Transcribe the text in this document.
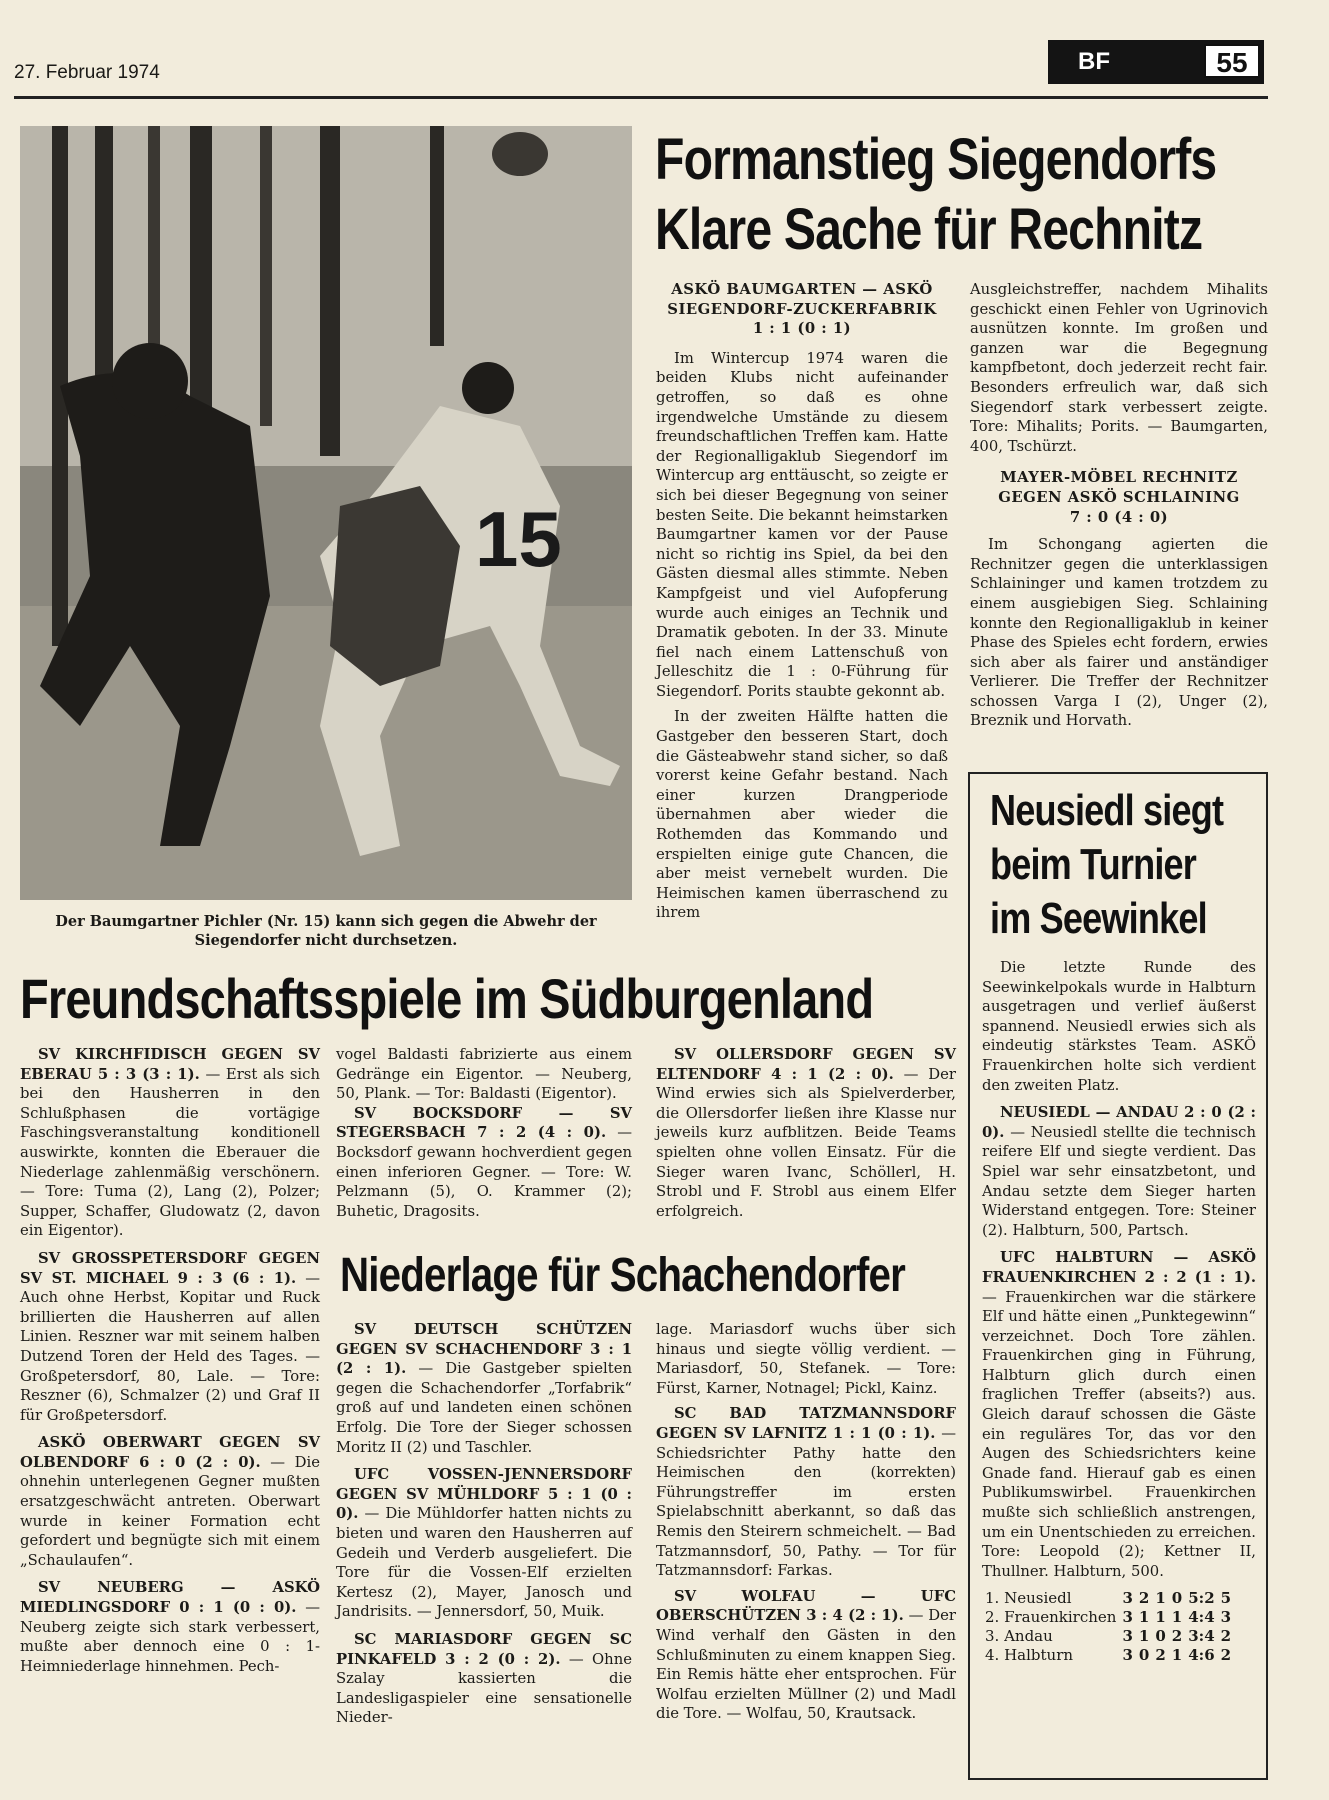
27. Februar 1974	BF	55
15
Der Baumgartner Pichler (Nr. 15) kann sich gegen die Abwehr der Siegendorfer nicht durchsetzen.
Formanstieg Siegendorfs
Klare Sache für Rechnitz

ASKÖ BAUMGARTEN — ASKÖ SIEGENDORF-ZUCKERFABRIK

1 : 1 (0 : 1)

Im Wintercup 1974 waren die beiden Klubs nicht aufeinander getroffen, so daß es ohne irgendwelche Umstände zu diesem freundschaftlichen Treffen kam. Hatte der Regionalligaklub Siegendorf im Wintercup arg enttäuscht, so zeigte er sich bei dieser Begegnung von seiner besten Seite. Die bekannt heimstarken Baumgartner kamen vor der Pause nicht so richtig ins Spiel, da bei den Gästen diesmal alles stimmte. Neben Kampfgeist und viel Aufopferung wurde auch einiges an Technik und Dramatik geboten. In der 33. Minute fiel nach einem Lattenschuß von Jelleschitz die 1 : 0-Führung für Siegendorf. Porits staubte gekonnt ab.

In der zweiten Hälfte hatten die Gastgeber den besseren Start, doch die Gästeabwehr stand sicher, so daß vorerst keine Gefahr bestand. Nach einer kurzen Drangperiode übernahmen aber wieder die Rothemden das Kommando und erspielten einige gute Chancen, die aber meist vernebelt wurden. Die Heimischen kamen überraschend zu ihrem

Ausgleichstreffer, nachdem Mihalits geschickt einen Fehler von Ugrinovich ausnützen konnte. Im großen und ganzen war die Begegnung kampfbetont, doch jederzeit recht fair. Besonders erfreulich war, daß sich Siegendorf stark verbessert zeigte. Tore: Mihalits; Porits. — Baumgarten, 400, Tschürzt.

MAYER-MÖBEL RECHNITZ GEGEN ASKÖ SCHLAINING

7 : 0 (4 : 0)

Im Schongang agierten die Rechnitzer gegen die unterklassigen Schlaininger und kamen trotzdem zu einem ausgiebigen Sieg. Schlaining konnte den Regionalligaklub in keiner Phase des Spieles echt fordern, erwies sich aber als fairer und anständiger Verlierer. Die Treffer der Rechnitzer schossen Varga I (2), Unger (2), Breznik und Horvath.

Neusiedl siegt
beim Turnier
im Seewinkel

Die letzte Runde des Seewinkelpokals wurde in Halbturn ausgetragen und verlief äußerst spannend. Neusiedl erwies sich als eindeutig stärkstes Team. ASKÖ Frauenkirchen holte sich verdient den zweiten Platz.

NEUSIEDL — ANDAU 2 : 0 (2 : 0). — Neusiedl stellte die technisch reifere Elf und siegte verdient. Das Spiel war sehr einsatzbetont, und Andau setzte dem Sieger harten Widerstand entgegen. Tore: Steiner (2). Halbturn, 500, Partsch.

UFC HALBTURN — ASKÖ FRAUENKIRCHEN 2 : 2 (1 : 1). — Frauenkirchen war die stärkere Elf und hätte einen „Punktegewinn“ verzeichnet. Doch Tore zählen. Frauenkirchen ging in Führung, Halbturn glich durch einen fraglichen Treffer (abseits?) aus. Gleich darauf schossen die Gäste ein reguläres Tor, das vor den Augen des Schiedsrichters keine Gnade fand. Hierauf gab es einen Publikumswirbel. Frauenkirchen mußte sich schließlich anstrengen, um ein Unentschieden zu erreichen. Tore: Leopold (2); Kettner II, Thullner. Halbturn, 500.

1. Neusiedl	3	2	1	0	5:2	5
2. Frauenkirchen	3	1	1	1	4:4	3
3. Andau	3	1	0	2	3:4	2
4. Halbturn	3	0	2	1	4:6	2
Freundschaftsspiele im Südburgenland

SV KIRCHFIDISCH GEGEN SV EBERAU 5 : 3 (3 : 1). — Erst als sich bei den Hausherren in den Schlußphasen die vortägige Faschingsveranstaltung konditionell auswirkte, konnten die Eberauer die Niederlage zahlenmäßig verschönern. — Tore: Tuma (2), Lang (2), Polzer; Supper, Schaffer, Gludowatz (2, davon ein Eigentor).

SV GROSSPETERSDORF GEGEN SV ST. MICHAEL 9 : 3 (6 : 1). — Auch ohne Herbst, Kopitar und Ruck brillierten die Hausherren auf allen Linien. Reszner war mit seinem halben Dutzend Toren der Held des Tages. — Großpetersdorf, 80, Lale. — Tore: Reszner (6), Schmalzer (2) und Graf II für Großpetersdorf.

ASKÖ OBERWART GEGEN SV OLBENDORF 6 : 0 (2 : 0). — Die ohnehin unterlegenen Gegner mußten ersatzgeschwächt antreten. Oberwart wurde in keiner Formation echt gefordert und begnügte sich mit einem „Schaulaufen“.

SV NEUBERG — ASKÖ MIEDLINGSDORF 0 : 1 (0 : 0). — Neuberg zeigte sich stark verbessert, mußte aber dennoch eine 0 : 1-Heimniederlage hinnehmen. Pech-

vogel Baldasti fabrizierte aus einem Gedränge ein Eigentor. — Neuberg, 50, Plank. — Tor: Baldasti (Eigentor).

SV BOCKSDORF — SV STEGERSBACH 7 : 2 (4 : 0). — Bocksdorf gewann hochverdient gegen einen inferioren Gegner. — Tore: W. Pelzmann (5), O. Krammer (2); Buhetic, Dragosits.

SV OLLERSDORF GEGEN SV ELTENDORF 4 : 1 (2 : 0). — Der Wind erwies sich als Spielverderber, die Ollersdorfer ließen ihre Klasse nur jeweils kurz aufblitzen. Beide Teams spielten ohne vollen Einsatz. Für die Sieger waren Ivanc, Schöllerl, H. Strobl und F. Strobl aus einem Elfer erfolgreich.

Niederlage für Schachendorfer

SV DEUTSCH SCHÜTZEN GEGEN SV SCHACHENDORF 3 : 1 (2 : 1). — Die Gastgeber spielten gegen die Schachendorfer „Torfabrik“ groß auf und landeten einen schönen Erfolg. Die Tore der Sieger schossen Moritz II (2) und Taschler.

UFC VOSSEN-JENNERSDORF GEGEN SV MÜHLDORF 5 : 1 (0 : 0). — Die Mühldorfer hatten nichts zu bieten und waren den Hausherren auf Gedeih und Verderb ausgeliefert. Die Tore für die Vossen-Elf erzielten Kertesz (2), Mayer, Janosch und Jandrisits. — Jennersdorf, 50, Muik.

SC MARIASDORF GEGEN SC PINKAFELD 3 : 2 (0 : 2). — Ohne Szalay kassierten die Landesligaspieler eine sensationelle Nieder-

lage. Mariasdorf wuchs über sich hinaus und siegte völlig verdient. — Mariasdorf, 50, Stefanek. — Tore: Fürst, Karner, Notnagel; Pickl, Kainz.

SC BAD TATZMANNSDORF GEGEN SV LAFNITZ 1 : 1 (0 : 1). — Schiedsrichter Pathy hatte den Heimischen den (korrekten) Führungstreffer im ersten Spielabschnitt aberkannt, so daß das Remis den Steirern schmeichelt. — Bad Tatzmannsdorf, 50, Pathy. — Tor für Tatzmannsdorf: Farkas.

SV WOLFAU — UFC OBERSCHÜTZEN 3 : 4 (2 : 1). — Der Wind verhalf den Gästen in den Schlußminuten zu einem knappen Sieg. Ein Remis hätte eher entsprochen. Für Wolfau erzielten Müllner (2) und Madl die Tore. — Wolfau, 50, Krautsack.
